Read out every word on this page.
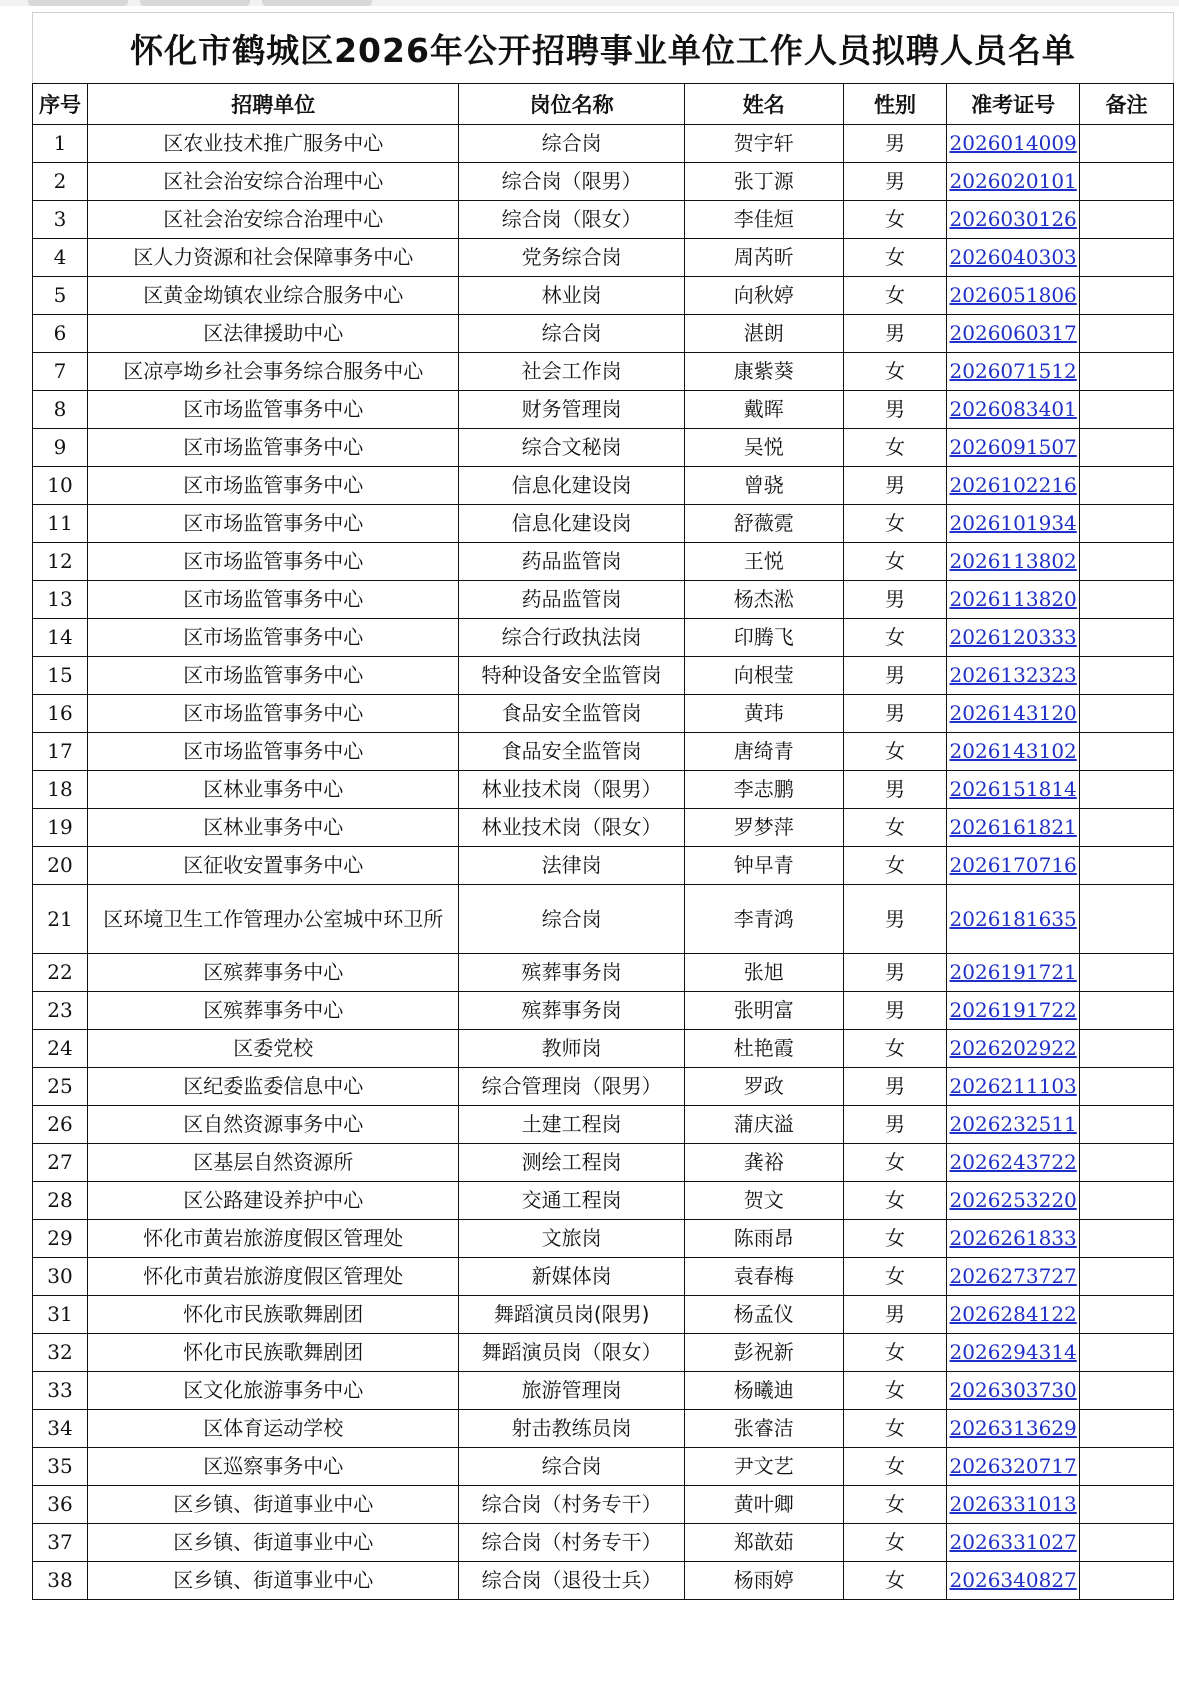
怀化市鹤城区2026年公开招聘事业单位工作人员拟聘人员名单
序号	招聘单位	岗位名称	姓名	性别	准考证号	备注
1	区农业技术推广服务中心	综合岗	贺宇轩	男	2026014009	
2	区社会治安综合治理中心	综合岗（限男）	张丁源	男	2026020101	
3	区社会治安综合治理中心	综合岗（限女）	李佳烜	女	2026030126	
4	区人力资源和社会保障事务中心	党务综合岗	周芮昕	女	2026040303	
5	区黄金坳镇农业综合服务中心	林业岗	向秋婷	女	2026051806	
6	区法律援助中心	综合岗	湛朗	男	2026060317	
7	区凉亭坳乡社会事务综合服务中心	社会工作岗	康紫葵	女	2026071512	
8	区市场监管事务中心	财务管理岗	戴晖	男	2026083401	
9	区市场监管事务中心	综合文秘岗	吴悦	女	2026091507	
10	区市场监管事务中心	信息化建设岗	曾骁	男	2026102216	
11	区市场监管事务中心	信息化建设岗	舒薇霓	女	2026101934	
12	区市场监管事务中心	药品监管岗	王悦	女	2026113802	
13	区市场监管事务中心	药品监管岗	杨杰淞	男	2026113820	
14	区市场监管事务中心	综合行政执法岗	印腾飞	女	2026120333	
15	区市场监管事务中心	特种设备安全监管岗	向根莹	男	2026132323	
16	区市场监管事务中心	食品安全监管岗	黄玮	男	2026143120	
17	区市场监管事务中心	食品安全监管岗	唐绮青	女	2026143102	
18	区林业事务中心	林业技术岗（限男）	李志鹏	男	2026151814	
19	区林业事务中心	林业技术岗（限女）	罗梦萍	女	2026161821	
20	区征收安置事务中心	法律岗	钟早青	女	2026170716	
21	区环境卫生工作管理办公室城中环卫所	综合岗	李青鸿	男	2026181635	
22	区殡葬事务中心	殡葬事务岗	张旭	男	2026191721	
23	区殡葬事务中心	殡葬事务岗	张明富	男	2026191722	
24	区委党校	教师岗	杜艳霞	女	2026202922	
25	区纪委监委信息中心	综合管理岗（限男）	罗政	男	2026211103	
26	区自然资源事务中心	土建工程岗	蒲庆溢	男	2026232511	
27	区基层自然资源所	测绘工程岗	龚裕	女	2026243722	
28	区公路建设养护中心	交通工程岗	贺文	女	2026253220	
29	怀化市黄岩旅游度假区管理处	文旅岗	陈雨昂	女	2026261833	
30	怀化市黄岩旅游度假区管理处	新媒体岗	袁春梅	女	2026273727	
31	怀化市民族歌舞剧团	舞蹈演员岗(限男)	杨孟仪	男	2026284122	
32	怀化市民族歌舞剧团	舞蹈演员岗（限女）	彭祝新	女	2026294314	
33	区文化旅游事务中心	旅游管理岗	杨曦迪	女	2026303730	
34	区体育运动学校	射击教练员岗	张睿洁	女	2026313629	
35	区巡察事务中心	综合岗	尹文艺	女	2026320717	
36	区乡镇、街道事业中心	综合岗（村务专干）	黄叶卿	女	2026331013	
37	区乡镇、街道事业中心	综合岗（村务专干）	郑歆茹	女	2026331027	
38	区乡镇、街道事业中心	综合岗（退役士兵）	杨雨婷	女	2026340827	
